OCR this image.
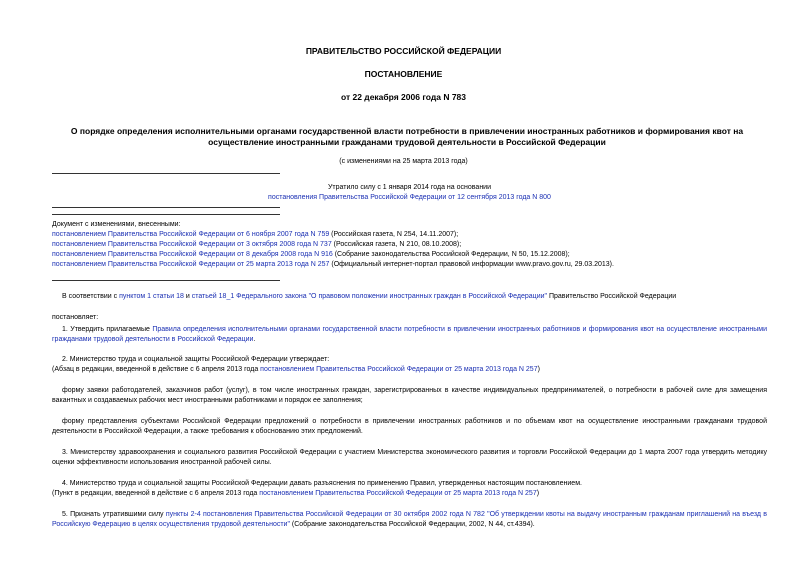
ПРАВИТЕЛЬСТВО РОССИЙСКОЙ ФЕДЕРАЦИИ
ПОСТАНОВЛЕНИЕ
от 22 декабря 2006 года N 783
О порядке определения исполнительными органами государственной власти потребности в привлечении иностранных работников и формирования квот на
осуществление иностранными гражданами трудовой деятельности в Российской Федерации
(с изменениями на 25 марта 2013 года)
Утратило силу с 1 января 2014 года на основании
постановления Правительства Российской Федерации от 12 сентября 2013 года N 800
Документ с изменениями, внесенными:
постановлением Правительства Российской Федерации от 6 ноября 2007 года N 759 (Российская газета, N 254, 14.11.2007);
постановлением Правительства Российской Федерации от 3 октября 2008 года N 737 (Российская газета, N 210, 08.10.2008);
постановлением Правительства Российской Федерации от 8 декабря 2008 года N 916 (Собрание законодательства Российской Федерации, N 50, 15.12.2008);
постановлением Правительства Российской Федерации от 25 марта 2013 года N 257 (Официальный интернет-портал правовой информации www.pravo.gov.ru, 29.03.2013).
В соответствии с пунктом 1 статьи 18 и статьей 18_1 Федерального закона "О правовом положении иностранных граждан в Российской Федерации" Правительство Российской Федерации
постановляет:
1. Утвердить прилагаемые Правила определения исполнительными органами государственной власти потребности в привлечении иностранных работников и формирования квот на осуществление иностранными гражданами трудовой деятельности в Российской Федерации.
2. Министерство труда и социальной защиты Российской Федерации утверждает:
(Абзац в редакции, введенной в действие с 6 апреля 2013 года постановлением Правительства Российской Федерации от 25 марта 2013 года N 257)
форму заявки работодателей, заказчиков работ (услуг), в том числе иностранных граждан, зарегистрированных в качестве индивидуальных предпринимателей, о потребности в рабочей силе для замещения вакантных и создаваемых рабочих мест иностранными работниками и порядок ее заполнения;
форму представления субъектами Российской Федерации предложений о потребности в привлечении иностранных работников и по объемам квот на осуществление иностранными гражданами трудовой деятельности в Российской Федерации, а также требования к обоснованию этих предложений.
3. Министерству здравоохранения и социального развития Российской Федерации с участием Министерства экономического развития и торговли Российской Федерации до 1 марта 2007 года утвердить методику оценки эффективности использования иностранной рабочей силы.
4. Министерство труда и социальной защиты Российской Федерации давать разъяснения по применению Правил, утвержденных настоящим постановлением.
(Пункт в редакции, введенной в действие с 6 апреля 2013 года постановлением Правительства Российской Федерации от 25 марта 2013 года N 257)
5. Признать утратившими силу пункты 2-4 постановления Правительства Российской Федерации от 30 октября 2002 года N 782 "Об утверждении квоты на выдачу иностранным гражданам приглашений на въезд в Российскую Федерацию в целях осуществления трудовой деятельности" (Собрание законодательства Российской Федерации, 2002, N 44, ст.4394).
